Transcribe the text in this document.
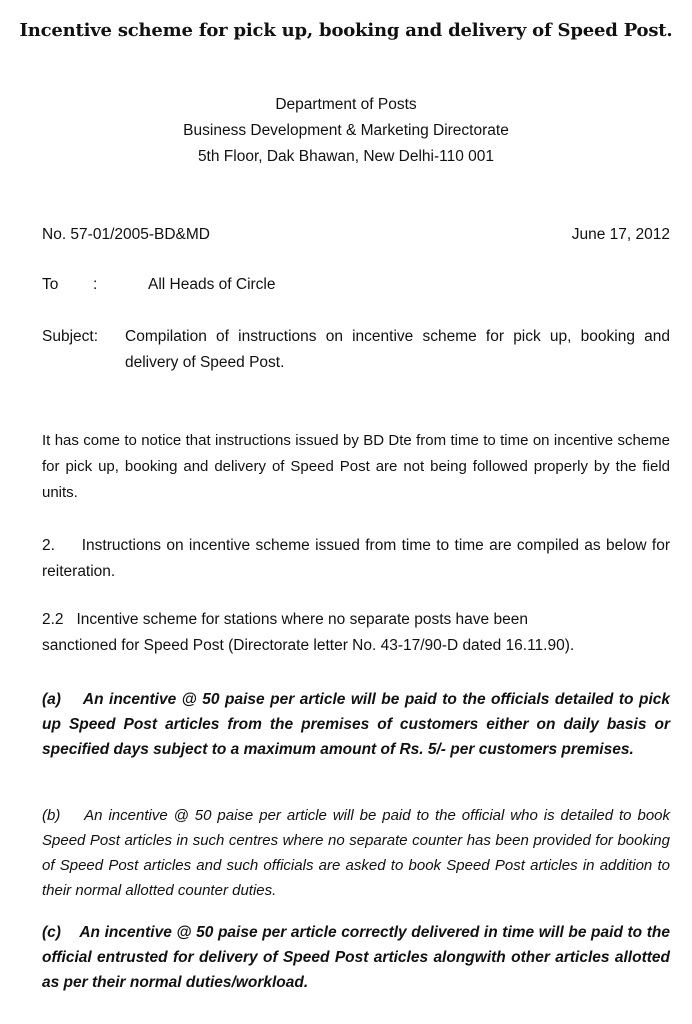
Incentive scheme for pick up, booking and delivery of Speed Post.
Department of Posts
Business Development & Marketing Directorate
5th Floor, Dak Bhawan, New Delhi-110 001
No. 57-01/2005-BD&MD	June 17, 2012
To :	All Heads of Circle
Subject: Compilation of instructions on incentive scheme for pick up, booking and
delivery of Speed Post.
It has come to notice that instructions issued by BD Dte from time to time on incentive scheme for pick up, booking and delivery of Speed Post are not being followed properly by the field units.
2. Instructions on incentive scheme issued from time to time are compiled as below for reiteration.
2.2   Incentive scheme for stations where no separate posts have been
sanctioned for Speed Post (Directorate letter No. 43-17/90-D dated 16.11.90).
(a) An incentive @ 50 paise per article will be paid to the officials detailed to pick up Speed Post articles from the premises of customers either on daily basis or specified days subject to a maximum amount of Rs. 5/- per customers premises.
(b) An incentive @ 50 paise per article will be paid to the official who is detailed to book Speed Post articles in such centres where no separate counter has been provided for booking of Speed Post articles and such officials are asked to book Speed Post articles in addition to their normal allotted counter duties.
(c) An incentive @ 50 paise per article correctly delivered in time will be paid to the official entrusted for delivery of Speed Post articles alongwith other articles allotted as per their normal duties/workload.
